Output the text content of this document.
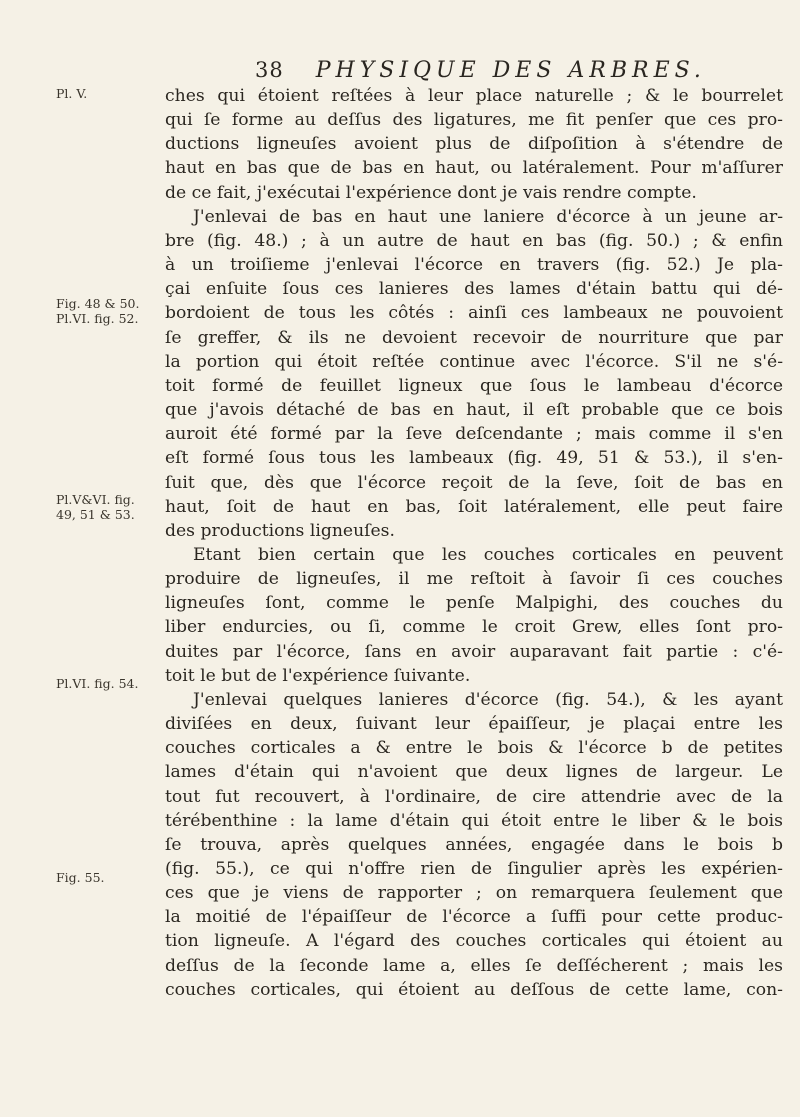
38 PHYSIQUE DES ARBRES.
Pl. V.
Fig. 48 & 50. Pl.VI. fig. 52.
Pl.V&VI. fig. 49, 51 & 53.
Pl.VI. fig. 54.
Fig. 55.

ches qui étoient reſtées à leur place naturelle ; & le bourrelet
qui ſe forme au deſſus des ligatures, me fit penſer que ces pro-
ductions ligneuſes avoient plus de diſpoſition à s'étendre de
haut en bas que de bas en haut, ou latéralement. Pour m'aſſurer
de ce fait, j'exécutai l'expérience dont je vais rendre compte.

J'enlevai de bas en haut une laniere d'écorce à un jeune ar-
bre (fig. 48.) ; à un autre de haut en bas (fig. 50.) ; & enfin
à un troiſieme j'enlevai l'écorce en travers (fig. 52.) Je pla-
çai enſuite ſous ces lanieres des lames d'étain battu qui dé-
bordoient de tous les côtés : ainſi ces lambeaux ne pouvoient
ſe greffer, & ils ne devoient recevoir de nourriture que par
la portion qui étoit reſtée continue avec l'écorce. S'il ne s'é-
toit formé de feuillet ligneux que ſous le lambeau d'écorce
que j'avois détaché de bas en haut, il eſt probable que ce bois
auroit été formé par la ſeve deſcendante ; mais comme il s'en
eſt formé ſous tous les lambeaux (fig. 49, 51 & 53.), il s'en-
ſuit que, dès que l'écorce reçoit de la ſeve, ſoit de bas en
haut, ſoit de haut en bas, ſoit latéralement, elle peut faire
des productions ligneuſes.

Etant bien certain que les couches corticales en peuvent
produire de ligneuſes, il me reſtoit à ſavoir ſi ces couches
ligneuſes ſont, comme le penſe Malpighi, des couches du
liber endurcies, ou ſi, comme le croit Grew, elles ſont pro-
duites par l'écorce, ſans en avoir auparavant fait partie : c'é-
toit le but de l'expérience ſuivante.

J'enlevai quelques lanieres d'écorce (fig. 54.), & les ayant
diviſées en deux, ſuivant leur épaiſſeur, je plaçai entre les
couches corticales a & entre le bois & l'écorce b de petites
lames d'étain qui n'avoient que deux lignes de largeur. Le
tout fut recouvert, à l'ordinaire, de cire attendrie avec de la
térébenthine : la lame d'étain qui étoit entre le liber & le bois
ſe trouva, après quelques années, engagée dans le bois b
(fig. 55.), ce qui n'offre rien de ſingulier après les expérien-
ces que je viens de rapporter ; on remarquera ſeulement que
la moitié de l'épaiſſeur de l'écorce a ſuffi pour cette produc-
tion ligneuſe. A l'égard des couches corticales qui étoient au
deſſus de la ſeconde lame a, elles ſe deſſécherent ; mais les
couches corticales, qui étoient au deſſous de cette lame, con-
